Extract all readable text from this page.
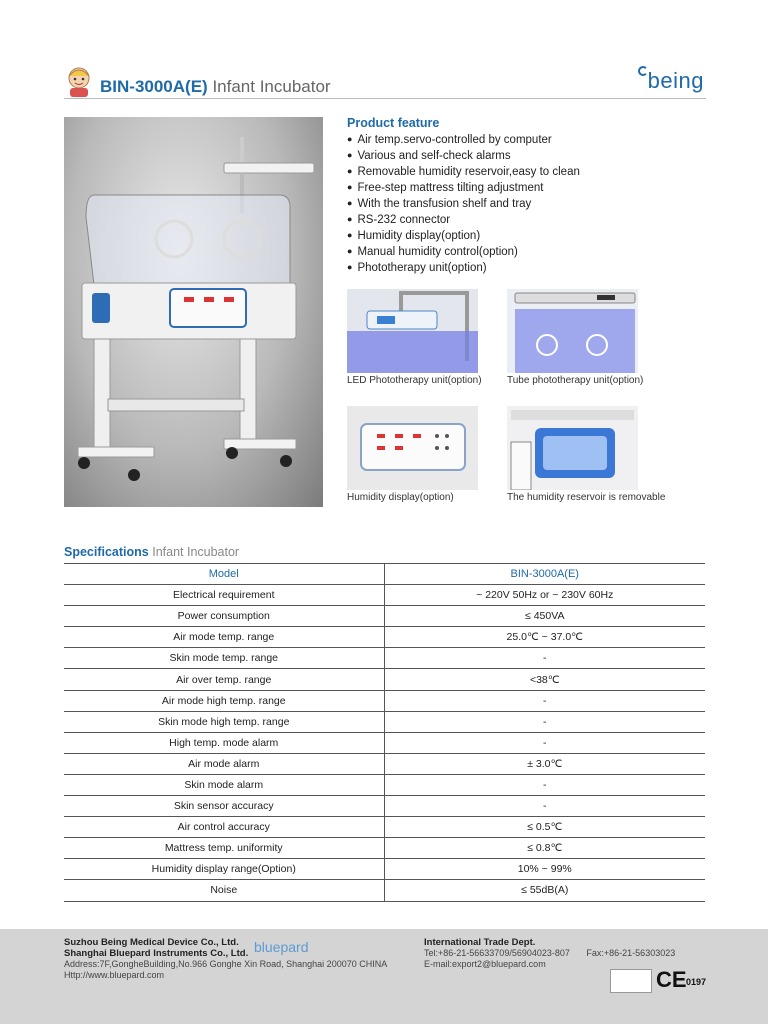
BIN-3000A(E) Infant Incubator	being
Product feature
● Air temp.servo-controlled by computer
● Various and self-check alarms
● Removable humidity reservoir,easy to clean
● Free-step mattress tilting adjustment
● With the transfusion shelf and tray
● RS-232 connector
● Humidity display(option)
● Manual humidity control(option)
● Phototherapy unit(option)
LED Phototherapy unit(option)	Tube phototherapy unit(option)
Humidity display(option)	The humidity reservoir is removable
Specifications Infant Incubator
Model	BIN-3000A(E)
Electrical requirement	~ 220V 50Hz or ~ 230V 60Hz
Power consumption	≤ 450VA
Air mode temp. range	25.0℃ ~ 37.0℃
Skin mode temp. range	-
Air over temp. range	<38℃
Air mode high temp. range	-
Skin mode high temp. range	-
High temp. mode alarm	-
Air mode alarm	± 3.0℃
Skin mode alarm	-
Skin sensor accuracy	-
Air control accuracy	≤ 0.5℃
Mattress temp. uniformity	≤ 0.8℃
Humidity display range(Option)	10% ~ 99%
Noise	≤ 55dB(A)
Suzhou Being Medical Device Co., Ltd.
Shanghai Bluepard Instruments Co., Ltd.
Address:7F,GongheBuilding,No.966 Gonghe Xin Road, Shanghai 200070 CHINA
Http://www.bluepard.com
bluepard	International Trade Dept.
Tel:+86-21-56633709/56904023-807 Fax:+86-21-56303023
E-mail:export2@bluepard.com
CE 0197
